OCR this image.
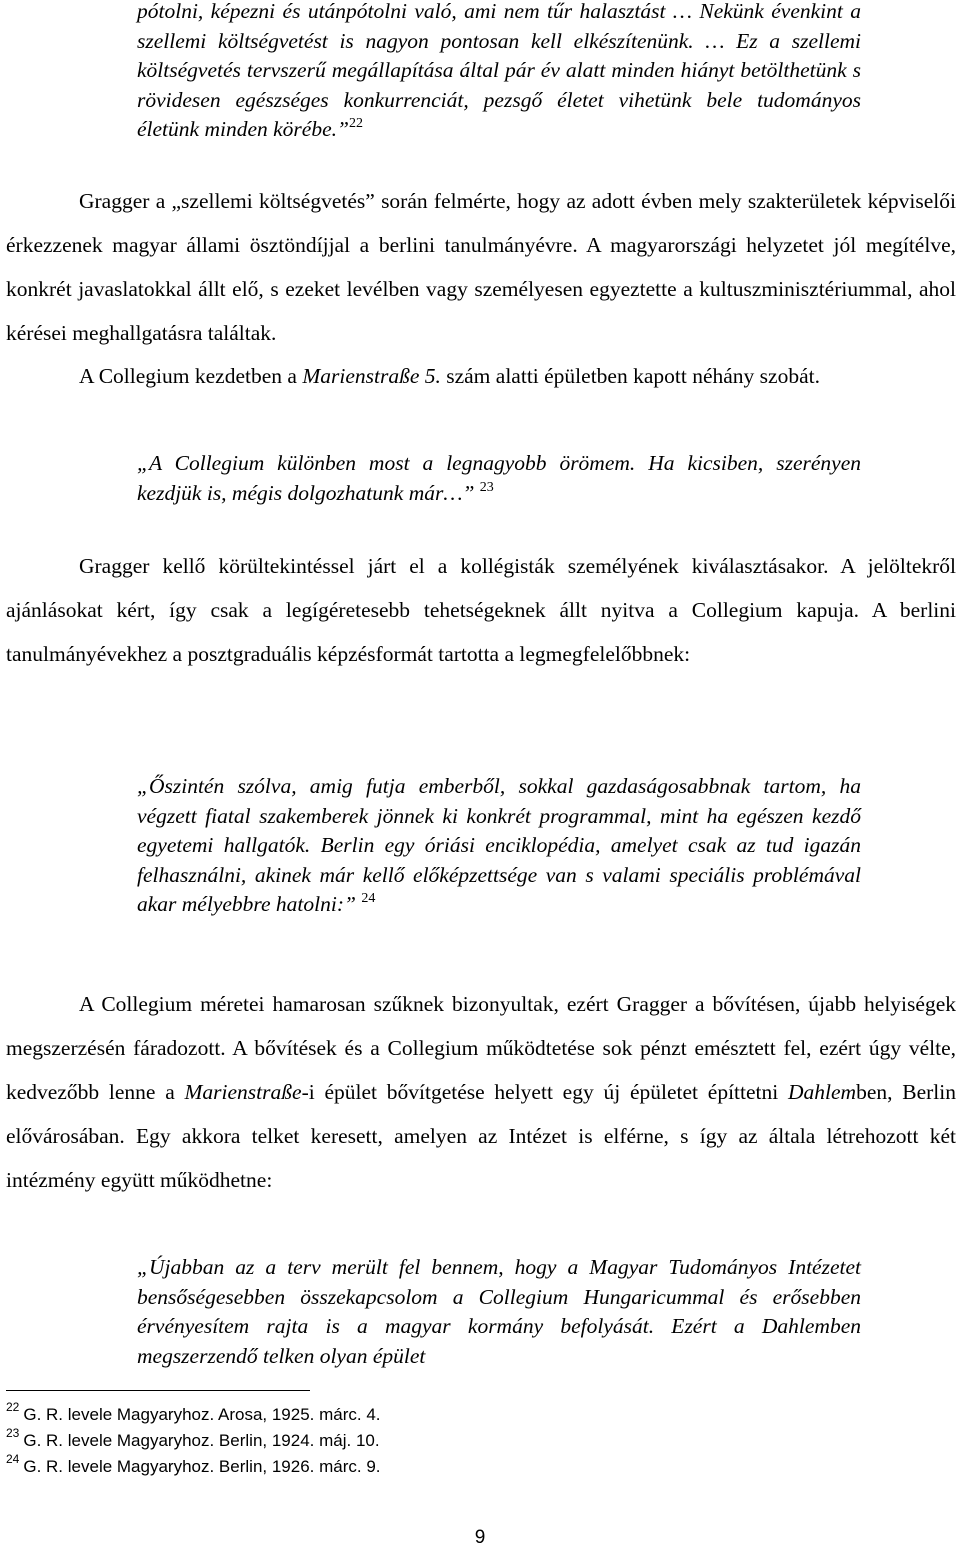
pótolni, képezni és utánpótolni való, ami nem tűr halasztást … Nekünk évenkint a szellemi költségvetést is nagyon pontosan kell elkészítenünk. … Ez a szellemi költségvetés tervszerű megállapítása által pár év alatt minden hiányt betölthetünk s rövidesen egészséges konkurrenciát, pezsgő életet vihetünk bele tudományos életünk minden körébe.”$^{22}$
Gragger a „szellemi költségvetés” során felmérte, hogy az adott évben mely szakterületek képviselői érkezzenek magyar állami ösztöndíjjal a berlini tanulmányévre. A magyarországi helyzetet jól megítélve, konkrét javaslatokkal állt elő, s ezeket levélben vagy személyesen egyeztette a kultuszminisztériummal, ahol kérései meghallgatásra találtak.
A Collegium kezdetben a Marienstraße 5. szám alatti épületben kapott néhány szobát.
„A Collegium különben most a legnagyobb örömem. Ha kicsiben, szerényen kezdjük is, mégis dolgozhatunk már…” $^{23}$
Gragger kellő körültekintéssel járt el a kollégisták személyének kiválasztásakor. A jelöltekről ajánlásokat kért, így csak a legígéretesebb tehetségeknek állt nyitva a Collegium kapuja. A berlini tanulmányévekhez a posztgraduális képzésformát tartotta a legmegfelelőbbnek:
„Őszintén szólva, amig futja emberből, sokkal gazdaságosabbnak tartom, ha végzett fiatal szakemberek jönnek ki konkrét programmal, mint ha egészen kezdő egyetemi hallgatók. Berlin egy óriási enciklopédia, amelyet csak az tud igazán felhasználni, akinek már kellő előképzettsége van s valami speciális problémával akar mélyebbre hatolni:” $^{24}$
A Collegium méretei hamarosan szűknek bizonyultak, ezért Gragger a bővítésen, újabb helyiségek megszerzésén fáradozott. A bővítések és a Collegium működtetése sok pénzt emésztett fel, ezért úgy vélte, kedvezőbb lenne a Marienstraße-i épület bővítgetése helyett egy új épületet építtetni Dahlemben, Berlin elővárosában. Egy akkora telket keresett, amelyen az Intézet is elférne, s így az általa létrehozott két intézmény együtt működhetne:
„Újabban az a terv merült fel bennem, hogy a Magyar Tudományos Intézetet bensőségesebben összekapcsolom a Collegium Hungaricummal és erősebben érvényesítem rajta is a magyar kormány befolyását. Ezért a Dahlemben megszerzendő telken olyan épület
$^{22}$ G. R. levele Magyaryhoz. Arosa, 1925. márc. 4.
$^{23}$ G. R. levele Magyaryhoz. Berlin, 1924. máj. 10.
$^{24}$ G. R. levele Magyaryhoz. Berlin, 1926. márc. 9.
9
